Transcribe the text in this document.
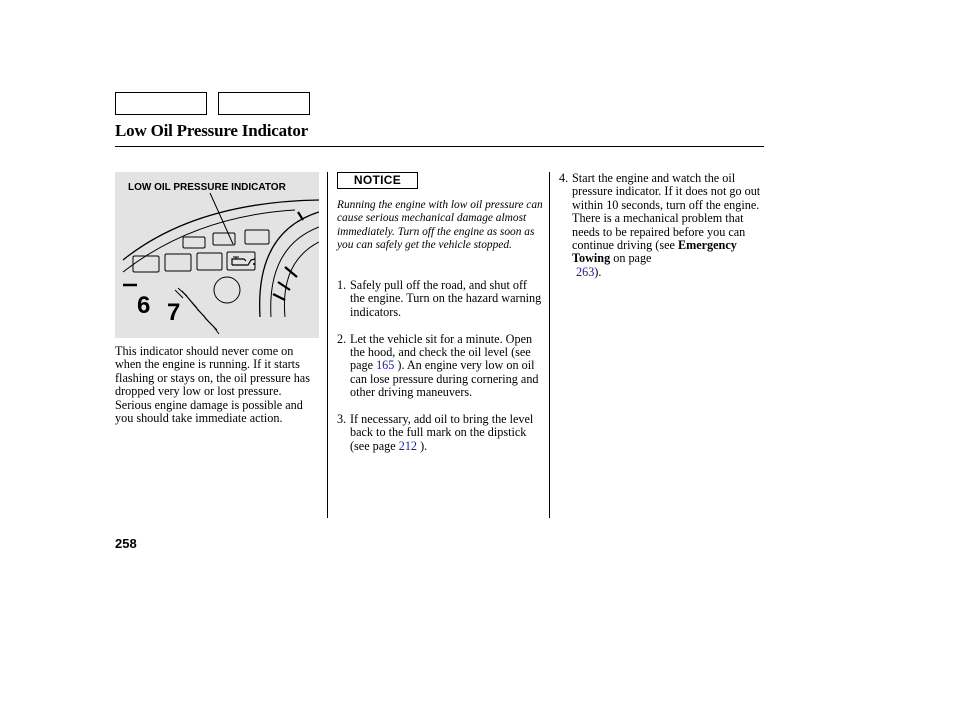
Low Oil Pressure Indicator
6 7
LOW OIL PRESSURE INDICATOR
This indicator should never come on when the engine is running. If it starts flashing or stays on, the oil pressure has dropped very low or lost pressure. Serious engine damage is possible and you should take immediate action.
NOTICE
Running the engine with low oil pressure can cause serious mechanical damage almost immediately. Turn off the engine as soon as you can safely get the vehicle stopped.
1. Safely pull off the road, and shut off the engine. Turn on the hazard warning indicators.
2. Let the vehicle sit for a minute. Open the hood, and check the oil level (see page 165 ). An engine very low on oil can lose pressure during cornering and other driving maneuvers.
3. If necessary, add oil to bring the level back to the full mark on the dipstick (see page 212 ).
4. Start the engine and watch the oil pressure indicator. If it does not go out within 10 seconds, turn off the engine. There is a mechanical problem that needs to be repaired before you can continue driving (see Emergency Towing on page
263).
258
